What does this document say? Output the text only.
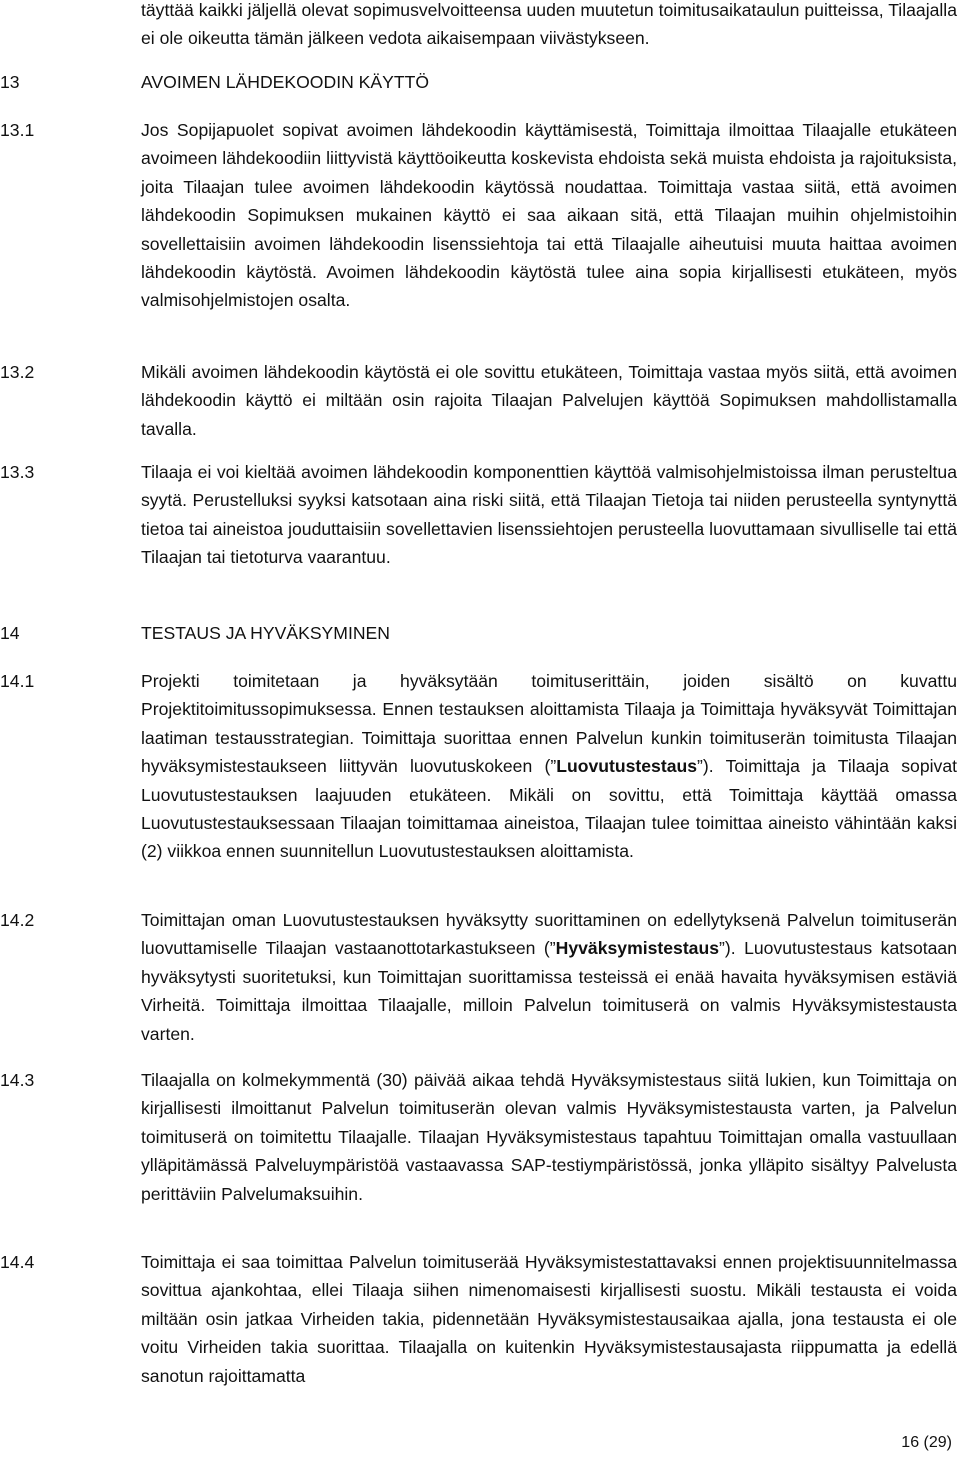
täyttää kaikki jäljellä olevat sopimusvelvoitteensa uuden muutetun toimitusaikataulun puitteissa, Tilaajalla ei ole oikeutta tämän jälkeen vedota aikaisempaan viivästykseen.

13	AVOIMEN LÄHDEKOODIN KÄYTTÖ

13.1	Jos Sopijapuolet sopivat avoimen lähdekoodin käyttämisestä, Toimittaja ilmoittaa Tilaajalle etukäteen avoimeen lähdekoodiin liittyvistä käyttöoikeutta koskevista ehdoista sekä muista ehdoista ja rajoituksista, joita Tilaajan tulee avoimen lähdekoodin käytössä noudattaa. Toimittaja vastaa siitä, että avoimen lähdekoodin Sopimuksen mukainen käyttö ei saa aikaan sitä, että Tilaajan muihin ohjelmistoihin sovellettaisiin avoimen lähdekoodin lisenssiehtoja tai että Tilaajalle aiheutuisi muuta haittaa avoimen lähdekoodin käytöstä. Avoimen lähdekoodin käytöstä tulee aina sopia kirjallisesti etukäteen, myös valmisohjelmistojen osalta.

13.2	Mikäli avoimen lähdekoodin käytöstä ei ole sovittu etukäteen, Toimittaja vastaa myös siitä, että avoimen lähdekoodin käyttö ei miltään osin rajoita Tilaajan Palvelujen käyttöä Sopimuksen mahdollistamalla tavalla.

13.3	Tilaaja ei voi kieltää avoimen lähdekoodin komponenttien käyttöä valmisohjelmistoissa ilman perusteltua syytä. Perustelluksi syyksi katsotaan aina riski siitä, että Tilaajan Tietoja tai niiden perusteella syntynyttä tietoa tai aineistoa jouduttaisiin sovellettavien lisenssiehtojen perusteella luovuttamaan sivulliselle tai että Tilaajan tai tietoturva vaarantuu.

14	TESTAUS JA HYVÄKSYMINEN

14.1	Projekti toimitetaan ja hyväksytään toimituserittäin, joiden sisältö on kuvattu Projektitoimitussopimuksessa. Ennen testauksen aloittamista Tilaaja ja Toimittaja hyväksyvät Toimittajan laatiman testausstrategian. Toimittaja suorittaa ennen Palvelun kunkin toimituserän toimitusta Tilaajan hyväksymistestaukseen liittyvän luovutuskokeen (”Luovutustestaus”). Toimittaja ja Tilaaja sopivat Luovutustestauksen laajuuden etukäteen. Mikäli on sovittu, että Toimittaja käyttää omassa Luovutustestauksessaan Tilaajan toimittamaa aineistoa, Tilaajan tulee toimittaa aineisto vähintään kaksi (2) viikkoa ennen suunnitellun Luovutustestauksen aloittamista.

14.2	Toimittajan oman Luovutustestauksen hyväksytty suorittaminen on edellytyksenä Palvelun toimituserän luovuttamiselle Tilaajan vastaanottotarkastukseen (”Hyväksymistestaus”). Luovutustestaus katsotaan hyväksytysti suoritetuksi, kun Toimittajan suorittamissa testeissä ei enää havaita hyväksymisen estäviä Virheitä. Toimittaja ilmoittaa Tilaajalle, milloin Palvelun toimituserä on valmis Hyväksymistestausta varten.

14.3	Tilaajalla on kolmekymmentä (30) päivää aikaa tehdä Hyväksymistestaus siitä lukien, kun Toimittaja on kirjallisesti ilmoittanut Palvelun toimituserän olevan valmis Hyväksymistestausta varten, ja Palvelun toimituserä on toimitettu Tilaajalle. Tilaajan Hyväksymistestaus tapahtuu Toimittajan omalla vastuullaan ylläpitämässä Palveluympäristöä vastaavassa SAP-testiympäristössä, jonka ylläpito sisältyy Palvelusta perittäviin Palvelumaksuihin.

14.4	Toimittaja ei saa toimittaa Palvelun toimituserää Hyväksymistestattavaksi ennen projektisuunnitelmassa sovittua ajankohtaa, ellei Tilaaja siihen nimenomaisesti kirjallisesti suostu. Mikäli testausta ei voida miltään osin jatkaa Virheiden takia, pidennetään Hyväksymistestausaikaa ajalla, jona testausta ei ole voitu Virheiden takia suorittaa. Tilaajalla on kuitenkin Hyväksymistestausajasta riippumatta ja edellä sanotun rajoittamatta

16 (29)
